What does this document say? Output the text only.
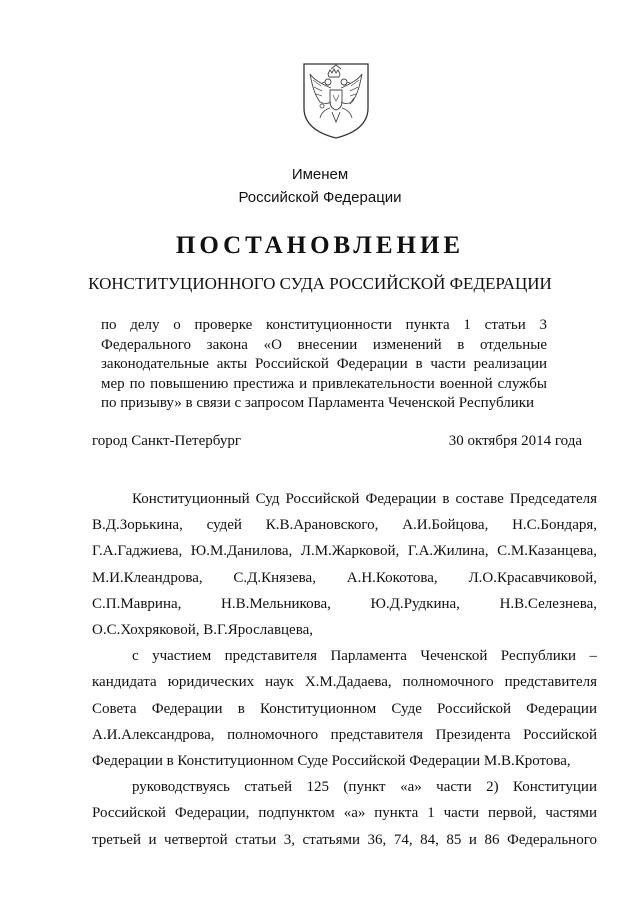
Именем
Российской Федерации
ПОСТАНОВЛЕНИЕ
КОНСТИТУЦИОННОГО СУДА РОССИЙСКОЙ ФЕДЕРАЦИИ
по делу о проверке конституционности пункта 1 статьи 3
Федерального закона «О внесении изменений в отдельные
законодательные акты Российской Федерации в части реализации
мер по повышению престижа и привлекательности военной службы
по призыву» в связи с запросом Парламента Чеченской Республики
город Санкт-Петербург	30 октября 2014 года

Конституционный Суд Российской Федерации в составе Председателя
В.Д.Зорькина, судей К.В.Арановского, А.И.Бойцова, Н.С.Бондаря,
Г.А.Гаджиева, Ю.М.Данилова, Л.М.Жарковой, Г.А.Жилина, С.М.Казанцева,
М.И.Клеандрова, С.Д.Князева, А.Н.Кокотова, Л.О.Красавчиковой,
С.П.Маврина, Н.В.Мельникова, Ю.Д.Рудкина, Н.В.Селезнева,
О.С.Хохряковой, В.Г.Ярославцева,

с участием представителя Парламента Чеченской Республики –
кандидата юридических наук Х.М.Дадаева, полномочного представителя
Совета Федерации в Конституционном Суде Российской Федерации
А.И.Александрова, полномочного представителя Президента Российской
Федерации в Конституционном Суде Российской Федерации М.В.Кротова,

руководствуясь статьей 125 (пункт «а» части 2) Конституции
Российской Федерации, подпунктом «а» пункта 1 части первой, частями
третьей и четвертой статьи 3, статьями 36, 74, 84, 85 и 86 Федерального
